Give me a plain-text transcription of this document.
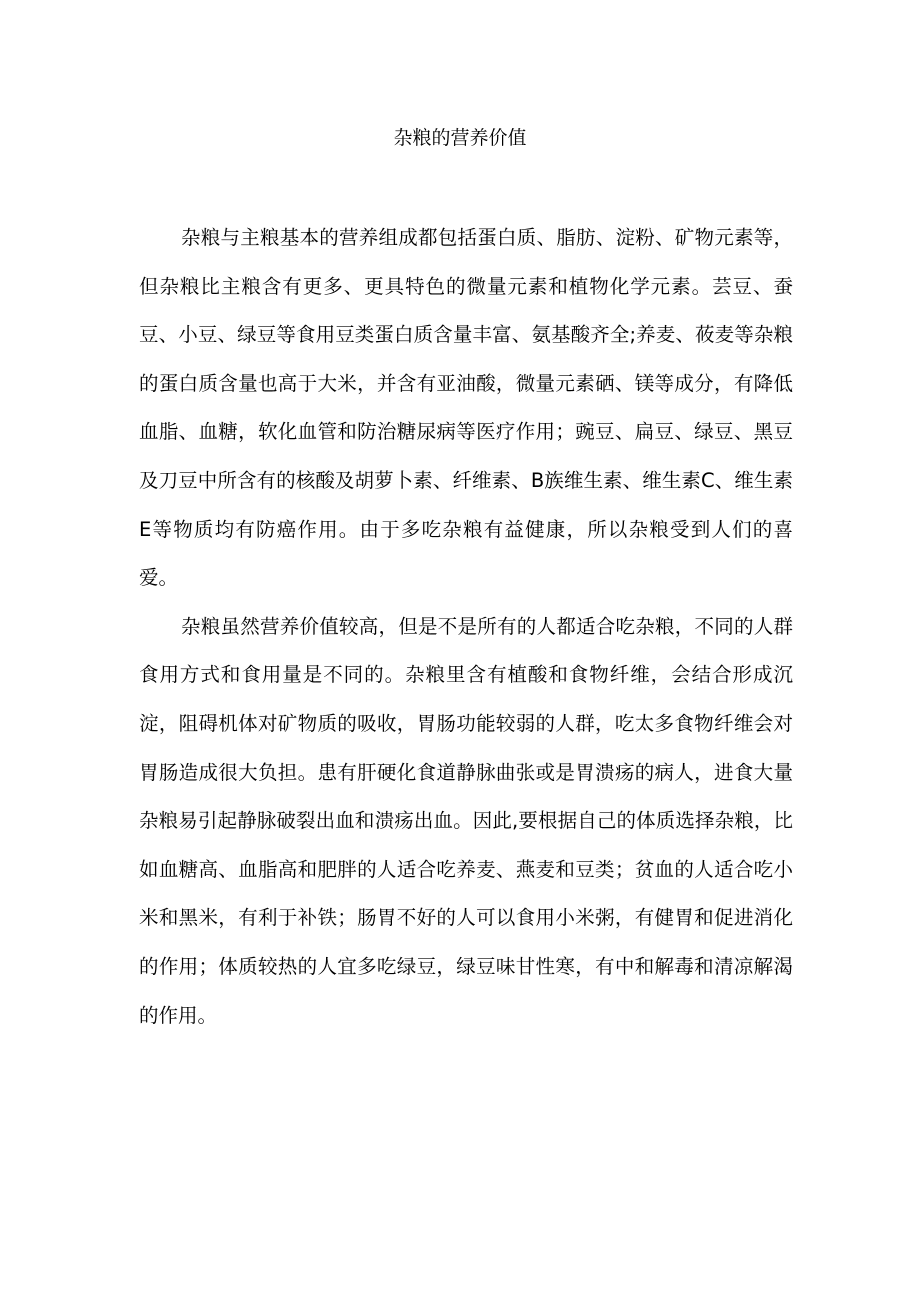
杂粮的营养价值

杂粮与主粮基本的营养组成都包括蛋白质、脂肪、淀粉、矿物元素等，但杂粮比主粮含有更多、更具特色的微量元素和植物化学元素。芸豆、蚕豆、小豆、绿豆等食用豆类蛋白质含量丰富、氨基酸齐全;养麦、莜麦等杂粮的蛋白质含量也高于大米，并含有亚油酸，微量元素硒、镁等成分，有降低血脂、血糖，软化血管和防治糖尿病等医疗作用；豌豆、扁豆、绿豆、黑豆及刀豆中所含有的核酸及胡萝卜素、纤维素、B族维生素、维生素C、维生素E等物质均有防癌作用。由于多吃杂粮有益健康，所以杂粮受到人们的喜爱。

杂粮虽然营养价值较高，但是不是所有的人都适合吃杂粮，不同的人群食用方式和食用量是不同的。杂粮里含有植酸和食物纤维，会结合形成沉淀，阻碍机体对矿物质的吸收，胃肠功能较弱的人群，吃太多食物纤维会对胃肠造成很大负担。患有肝硬化食道静脉曲张或是胃溃疡的病人，进食大量杂粮易引起静脉破裂出血和溃疡出血。因此,要根据自己的体质选择杂粮，比如血糖高、血脂高和肥胖的人适合吃养麦、燕麦和豆类；贫血的人适合吃小米和黑米，有利于补铁；肠胃不好的人可以食用小米粥，有健胃和促进消化的作用；体质较热的人宜多吃绿豆，绿豆味甘性寒，有中和解毒和清凉解渴的作用。
